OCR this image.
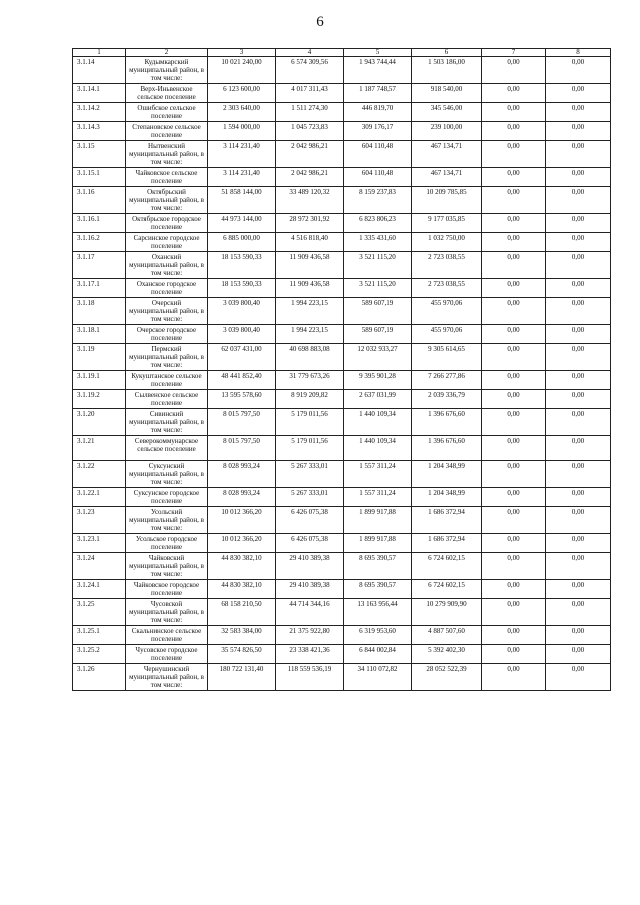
6
1	2	3	4	5	6	7	8
3.1.14	Кудымкарский муниципальный район, в том числе:	10 021 240,00	6 574 309,56	1 943 744,44	1 503 186,00	0,00	0,00
3.1.14.1	Верх-Иньвенское сельское поселение	6 123 600,00	4 017 311,43	1 187 748,57	918 540,00	0,00	0,00
3.1.14.2	Ошибское сельское поселение	2 303 640,00	1 511 274,30	446 819,70	345 546,00	0,00	0,00
3.1.14.3	Степановское сельское поселение	1 594 000,00	1 045 723,83	309 176,17	239 100,00	0,00	0,00
3.1.15	Нытвенский муниципальный район, в том числе:	3 114 231,40	2 042 986,21	604 110,48	467 134,71	0,00	0,00
3.1.15.1	Чайковское сельское поселение	3 114 231,40	2 042 986,21	604 110,48	467 134,71	0,00	0,00
3.1.16	Октябрьский муниципальный район, в том числе:	51 858 144,00	33 489 120,32	8 159 237,83	10 209 785,85	0,00	0,00
3.1.16.1	Октябрьское городское поселение	44 973 144,00	28 972 301,92	6 823 806,23	9 177 035,85	0,00	0,00
3.1.16.2	Сарсинское городское поселение	6 885 000,00	4 516 818,40	1 335 431,60	1 032 750,00	0,00	0,00
3.1.17	Оханский муниципальный район, в том числе:	18 153 590,33	11 909 436,58	3 521 115,20	2 723 038,55	0,00	0,00
3.1.17.1	Оханское городское поселение	18 153 590,33	11 909 436,58	3 521 115,20	2 723 038,55	0,00	0,00
3.1.18	Очерский муниципальный район, в том числе:	3 039 800,40	1 994 223,15	589 607,19	455 970,06	0,00	0,00
3.1.18.1	Очерское городское поселение	3 039 800,40	1 994 223,15	589 607,19	455 970,06	0,00	0,00
3.1.19	Пермский муниципальный район, в том числе:	62 037 431,00	40 698 883,08	12 032 933,27	9 305 614,65	0,00	0,00
3.1.19.1	Кукуштанское сельское поселение	48 441 852,40	31 779 673,26	9 395 901,28	7 266 277,86	0,00	0,00
3.1.19.2	Сылвенское сельское поселение	13 595 578,60	8 919 209,82	2 637 031,99	2 039 336,79	0,00	0,00
3.1.20	Сивинский муниципальный район, в том числе:	8 015 797,50	5 179 011,56	1 440 109,34	1 396 676,60	0,00	0,00
3.1.21	Северокоммунарское сельское поселение	8 015 797,50	5 179 011,56	1 440 109,34	1 396 676,60	0,00	0,00
3.1.22	Суксунский муниципальный район, в том числе:	8 028 993,24	5 267 333,01	1 557 311,24	1 204 348,99	0,00	0,00
3.1.22.1	Суксунское городское поселение	8 028 993,24	5 267 333,01	1 557 311,24	1 204 348,99	0,00	0,00
3.1.23	Усольский муниципальный район, в том числе:	10 012 366,20	6 426 075,38	1 899 917,88	1 686 372,94	0,00	0,00
3.1.23.1	Усольское городское поселение	10 012 366,20	6 426 075,38	1 899 917,88	1 686 372,94	0,00	0,00
3.1.24	Чайковский муниципальный район, в том числе:	44 830 382,10	29 410 389,38	8 695 390,57	6 724 602,15	0,00	0,00
3.1.24.1	Чайковское городское поселение	44 830 382,10	29 410 389,38	8 695 390,57	6 724 602,15	0,00	0,00
3.1.25	Чусовской муниципальный район, в том числе:	68 158 210,50	44 714 344,16	13 163 956,44	10 279 909,90	0,00	0,00
3.1.25.1	Скальнинское сельское поселение	32 583 384,00	21 375 922,80	6 319 953,60	4 887 507,60	0,00	0,00
3.1.25.2	Чусовское городское поселение	35 574 826,50	23 338 421,36	6 844 002,84	5 392 402,30	0,00	0,00
3.1.26	Чернушинский муниципальный район, в том числе:	180 722 131,40	118 559 536,19	34 110 072,82	28 052 522,39	0,00	0,00
